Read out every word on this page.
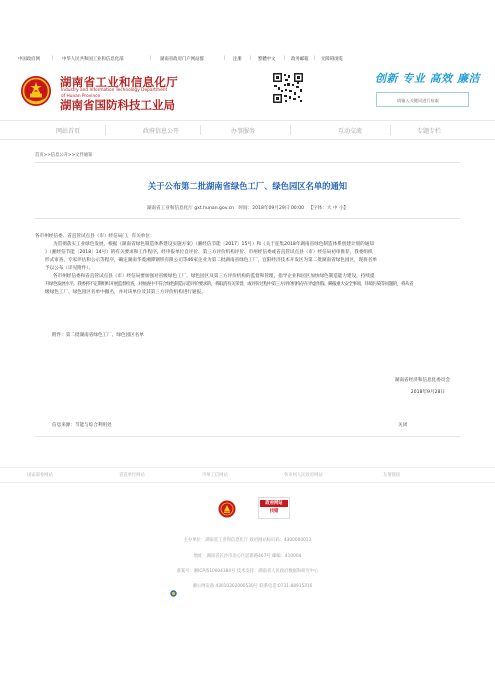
中国政府网	| 中华人民共和国工业和信息化部	| 湖南省政府门户网站群	| 注册 | 繁體中文 | 政务邮箱 | 无障碍浏览
湖南省工业和信息化厅
Industry and Information Technology Department
of Hunan Province
湖南省国防科技工业局
创新 专业 高效 廉洁
请输入关键词进行检索
网站首页	政府信息公开	办事服务	互动交流	专题专栏
首页>>信息公开>>文件通知
关于公布第二批湖南省绿色工厂、绿色园区名单的通知
湖南省工业和信息化厅 gxt.hunan.gov.cn 时间：2018年09月29日 00:00 【字体：大 中 小】
各市州经信委、省直管试点县（市）经信局门、有关单位：
为贯彻落实工业绿色发展，根据《湖南省绿色制造体系建设实施方案》（湘经信节能〔2017〕15号）和《关于征集2018年湖南省绿色制造体系创建计划的通知
》（湘经信节能〔2018〕14号）的有关要求和工作程序，经申报单位自评价、第三方评价机构评价、市州经信委或省直管试点县（市）经信局初审推荐，我委组织
形式审查、专家评估和公示等程序，确定湖南华菱湘潭钢铁有限公司等46家企业为第二批湖南省绿色工厂，宜阳经济技术开发区为第二批湖南省绿色园区，现将名单
予以公布（详见附件）。
各市州经信委和省直管试点县（市）经信局要加强对省级绿色工厂、绿色园区及第三方评价机构的监督和管理，指导企业和园区加快绿色制造能力建设，持续提
升绿色发展水平。我委将不定期组织开展监督检查，对抽查中不符合绿色制造示范评价要求的，将取消有关荣誉，或评价过程中第三方评价机构存在弄虚作假、瞒报重大安全事项、环境污染等问题的，将从省
级绿色工厂、绿色园区名单中撤名，并对该单位及其第三方评价机构进行通报。
附件：第二批湖南省绿色工厂、绿色园区名单
湖南省经济和信息化委员会
2018年9月28日
信息来源：节能与综合利用处	关闭
国家部委网站	省直单位网站	市州工信网站	各市州人民政府网站	友情链接
政府网站
找错
主办单位：湖南省工业和信息化厅 政府网站标识码：4300000013
地址：湖南省长沙市北心区韶新路467号 邮编：410004
备案号：湘ICP备10004384号 技术支持：湖南省人民政府数据和研究中心
湘公网安备 43010302000530号 联系电话:0731-88915316
